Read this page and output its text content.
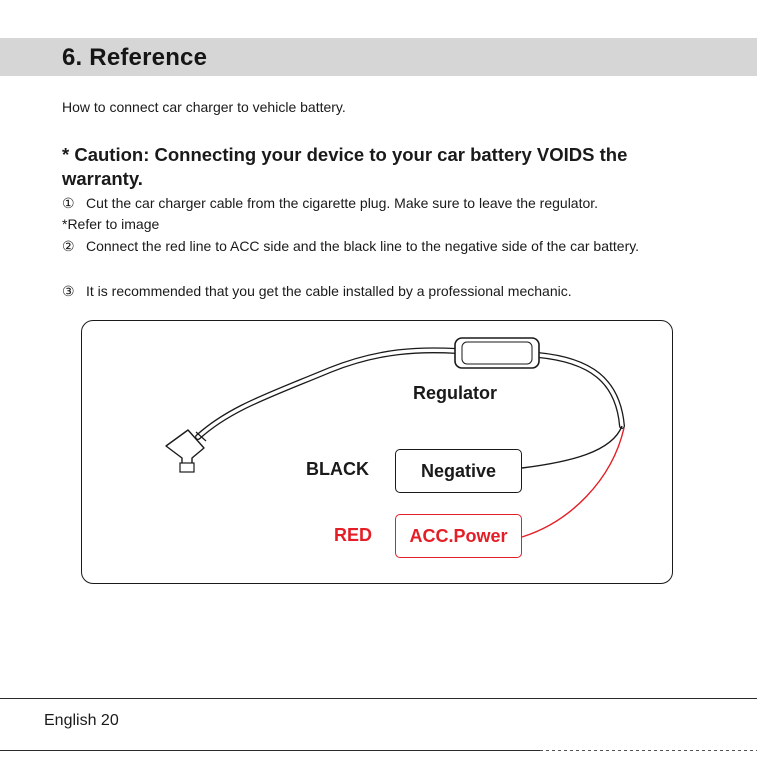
6. Reference
How to connect car charger to vehicle battery.
* Caution: Connecting your device to your car battery VOIDS the warranty.
① Cut the car charger cable from the cigarette plug. Make sure to leave the regulator.
*Refer to image
② Connect the red line to ACC side and the black line to the negative side of the car battery.
③ It is recommended that you get the cable installed by a professional mechanic.
Regulator
BLACK	Negative
RED ACC.Power
English 20
